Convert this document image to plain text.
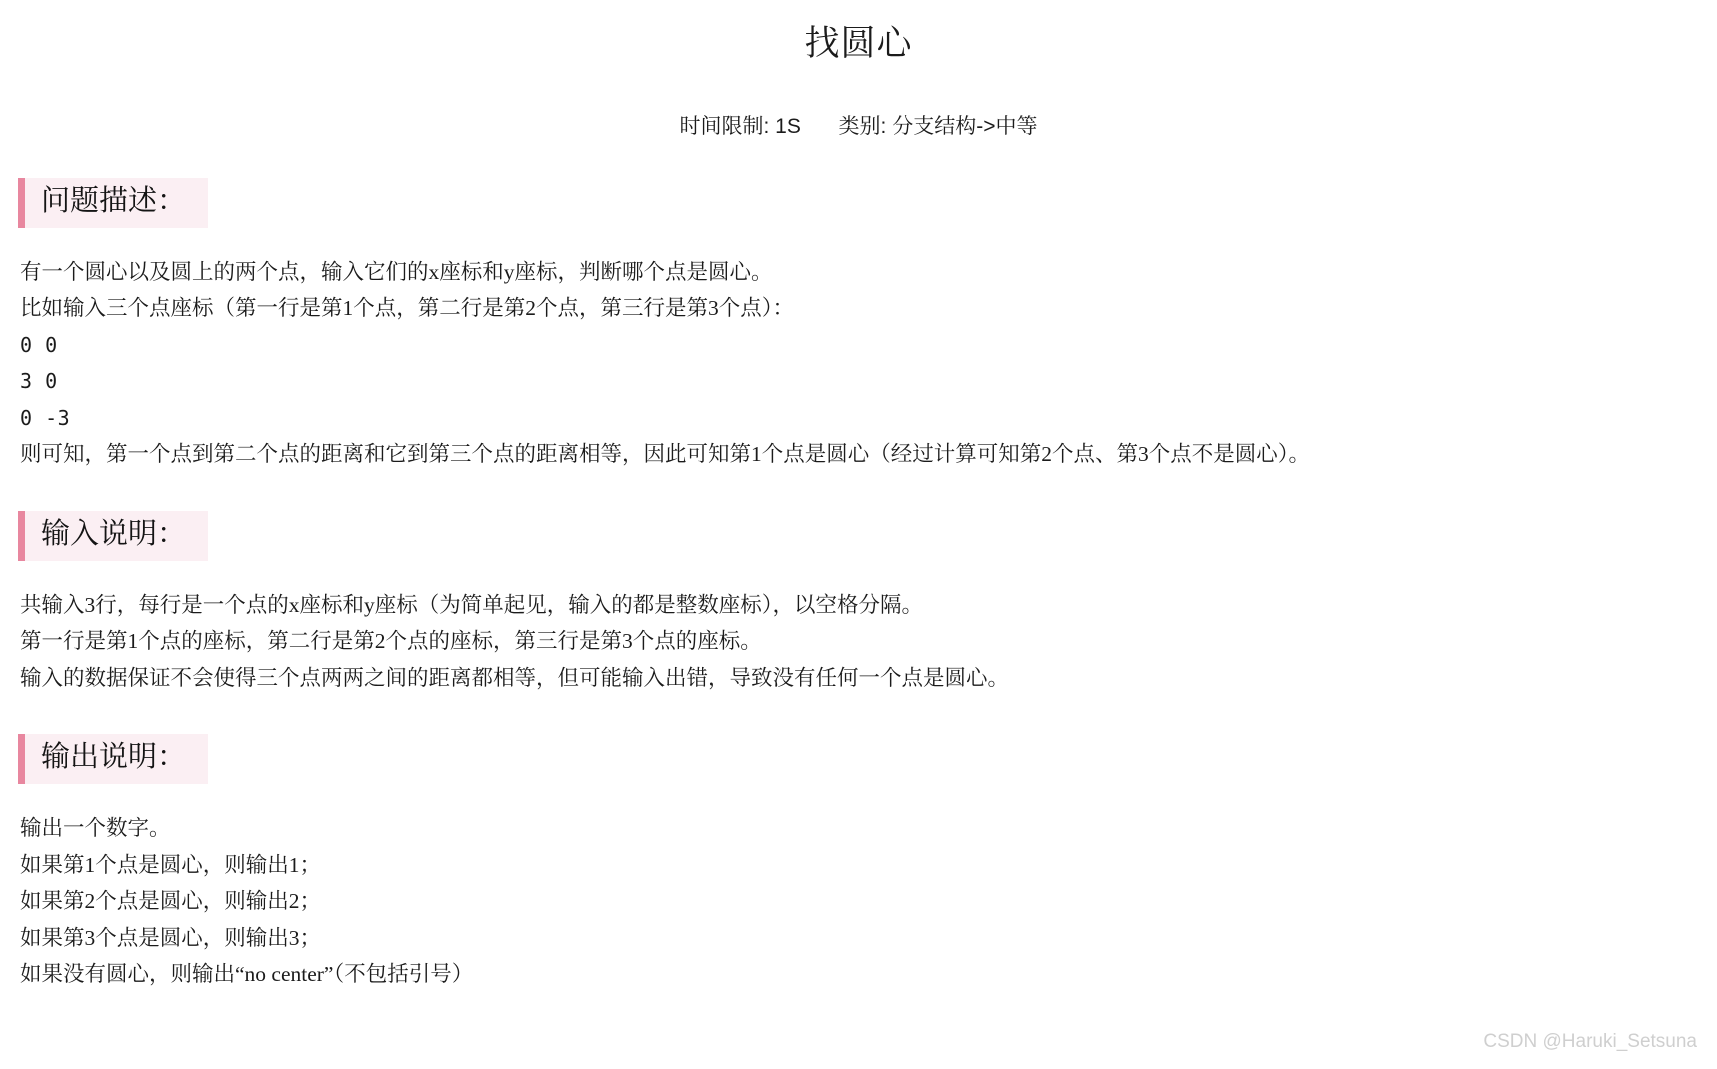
找圆心
时间限制: 1S 类别: 分支结构->中等
问题描述：
有一个圆心以及圆上的两个点，输入它们的x座标和y座标，判断哪个点是圆心。
比如输入三个点座标（第一行是第1个点，第二行是第2个点，第三行是第3个点）：
0 0
3 0
0 -3
则可知，第一个点到第二个点的距离和它到第三个点的距离相等，因此可知第1个点是圆心（经过计算可知第2个点、第3个点不是圆心）。
输入说明：
共输入3行，每行是一个点的x座标和y座标（为简单起见，输入的都是整数座标），以空格分隔。
第一行是第1个点的座标，第二行是第2个点的座标，第三行是第3个点的座标。
输入的数据保证不会使得三个点两两之间的距离都相等，但可能输入出错，导致没有任何一个点是圆心。
输出说明：
输出一个数字。
如果第1个点是圆心，则输出1；
如果第2个点是圆心，则输出2；
如果第3个点是圆心，则输出3；
如果没有圆心，则输出“no center”（不包括引号）
CSDN @Haruki_Setsuna
